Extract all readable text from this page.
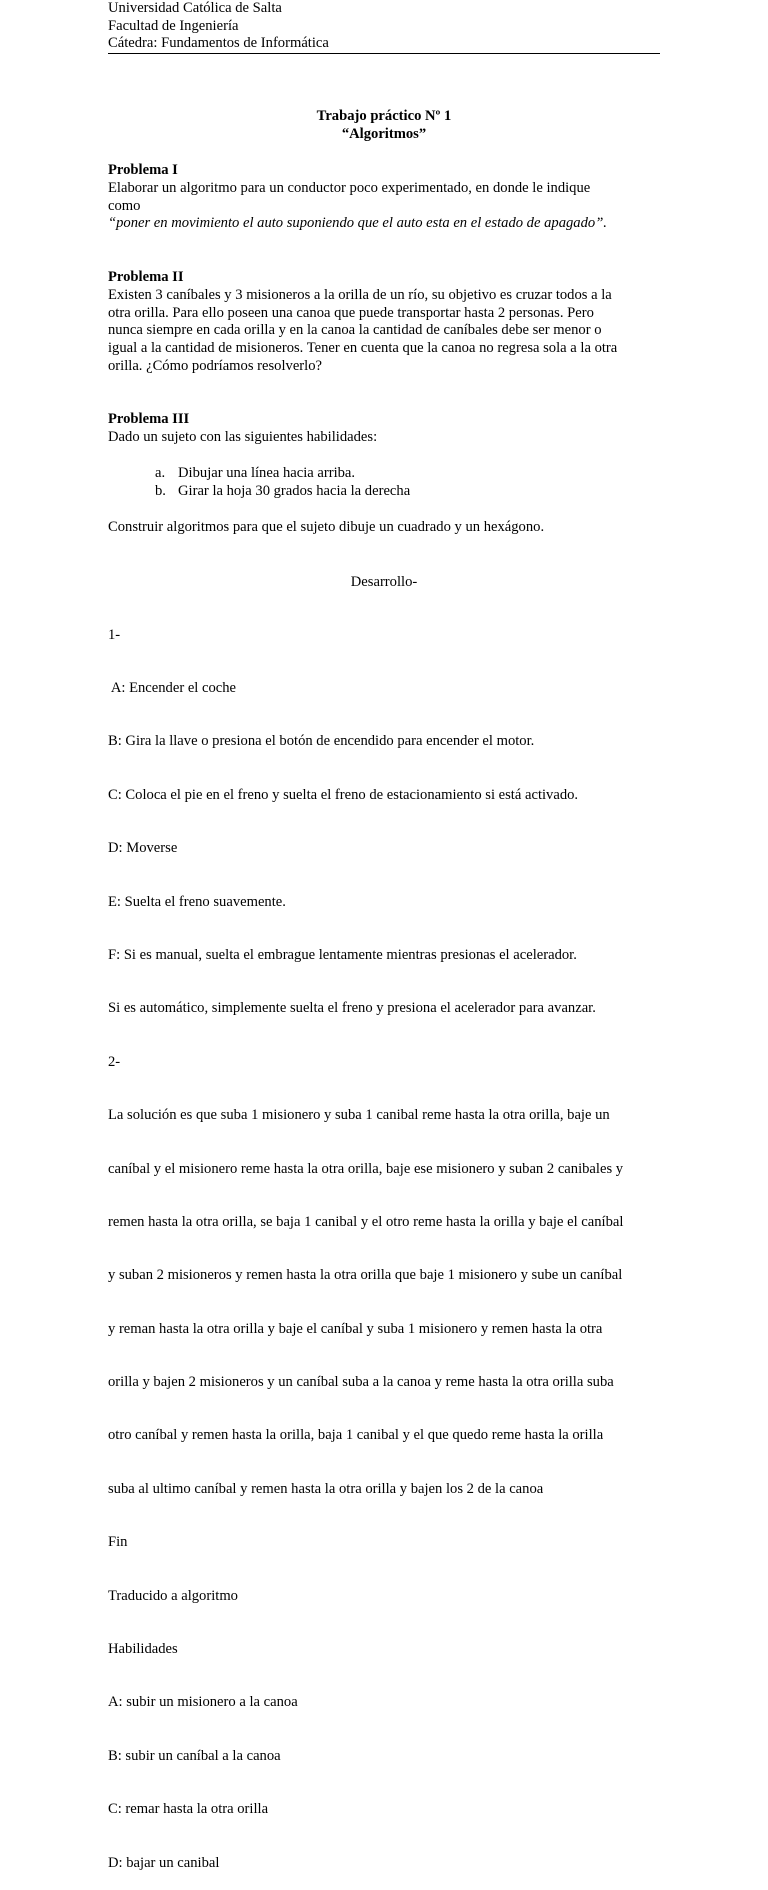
Universidad Católica de Salta
Facultad de Ingeniería
Cátedra: Fundamentos de Informática
Trabajo práctico Nº 1
“Algoritmos”
Problema I
Elaborar un algoritmo para un conductor poco experimentado, en donde le indique
como
“poner en movimiento el auto suponiendo que el auto esta en el estado de apagado”.
Problema II
Existen 3 caníbales y 3 misioneros a la orilla de un río, su objetivo es cruzar todos a la
otra orilla. Para ello poseen una canoa que puede transportar hasta 2 personas. Pero
nunca siempre en cada orilla y en la canoa la cantidad de caníbales debe ser menor o
igual a la cantidad de misioneros. Tener en cuenta que la canoa no regresa sola a la otra
orilla. ¿Cómo podríamos resolverlo?
Problema III
Dado un sujeto con las siguientes habilidades:
a. Dibujar una línea hacia arriba.
b. Girar la hoja 30 grados hacia la derecha
Construir algoritmos para que el sujeto dibuje un cuadrado y un hexágono.
Desarrollo-

1-

A: Encender el coche

B: Gira la llave o presiona el botón de encendido para encender el motor.

C: Coloca el pie en el freno y suelta el freno de estacionamiento si está activado.

D: Moverse

E: Suelta el freno suavemente.

F: Si es manual, suelta el embrague lentamente mientras presionas el acelerador.

Si es automático, simplemente suelta el freno y presiona el acelerador para avanzar.

2-

La solución es que suba 1 misionero y suba 1 canibal reme hasta la otra orilla, baje un

caníbal y el misionero reme hasta la otra orilla, baje ese misionero y suban 2 canibales y

remen hasta la otra orilla, se baja 1 canibal y el otro reme hasta la orilla y baje el caníbal

y suban 2 misioneros y remen hasta la otra orilla que baje 1 misionero y sube un caníbal

y reman hasta la otra orilla y baje el caníbal y suba 1 misionero y remen hasta la otra

orilla y bajen 2 misioneros y un caníbal suba a la canoa y reme hasta la otra orilla suba

otro caníbal y remen hasta la orilla, baja 1 canibal y el que quedo reme hasta la orilla

suba al ultimo caníbal y remen hasta la otra orilla y bajen los 2 de la canoa

Fin

Traducido a algoritmo

Habilidades

A: subir un misionero a la canoa

B: subir un caníbal a la canoa

C: remar hasta la otra orilla

D: bajar un canibal
